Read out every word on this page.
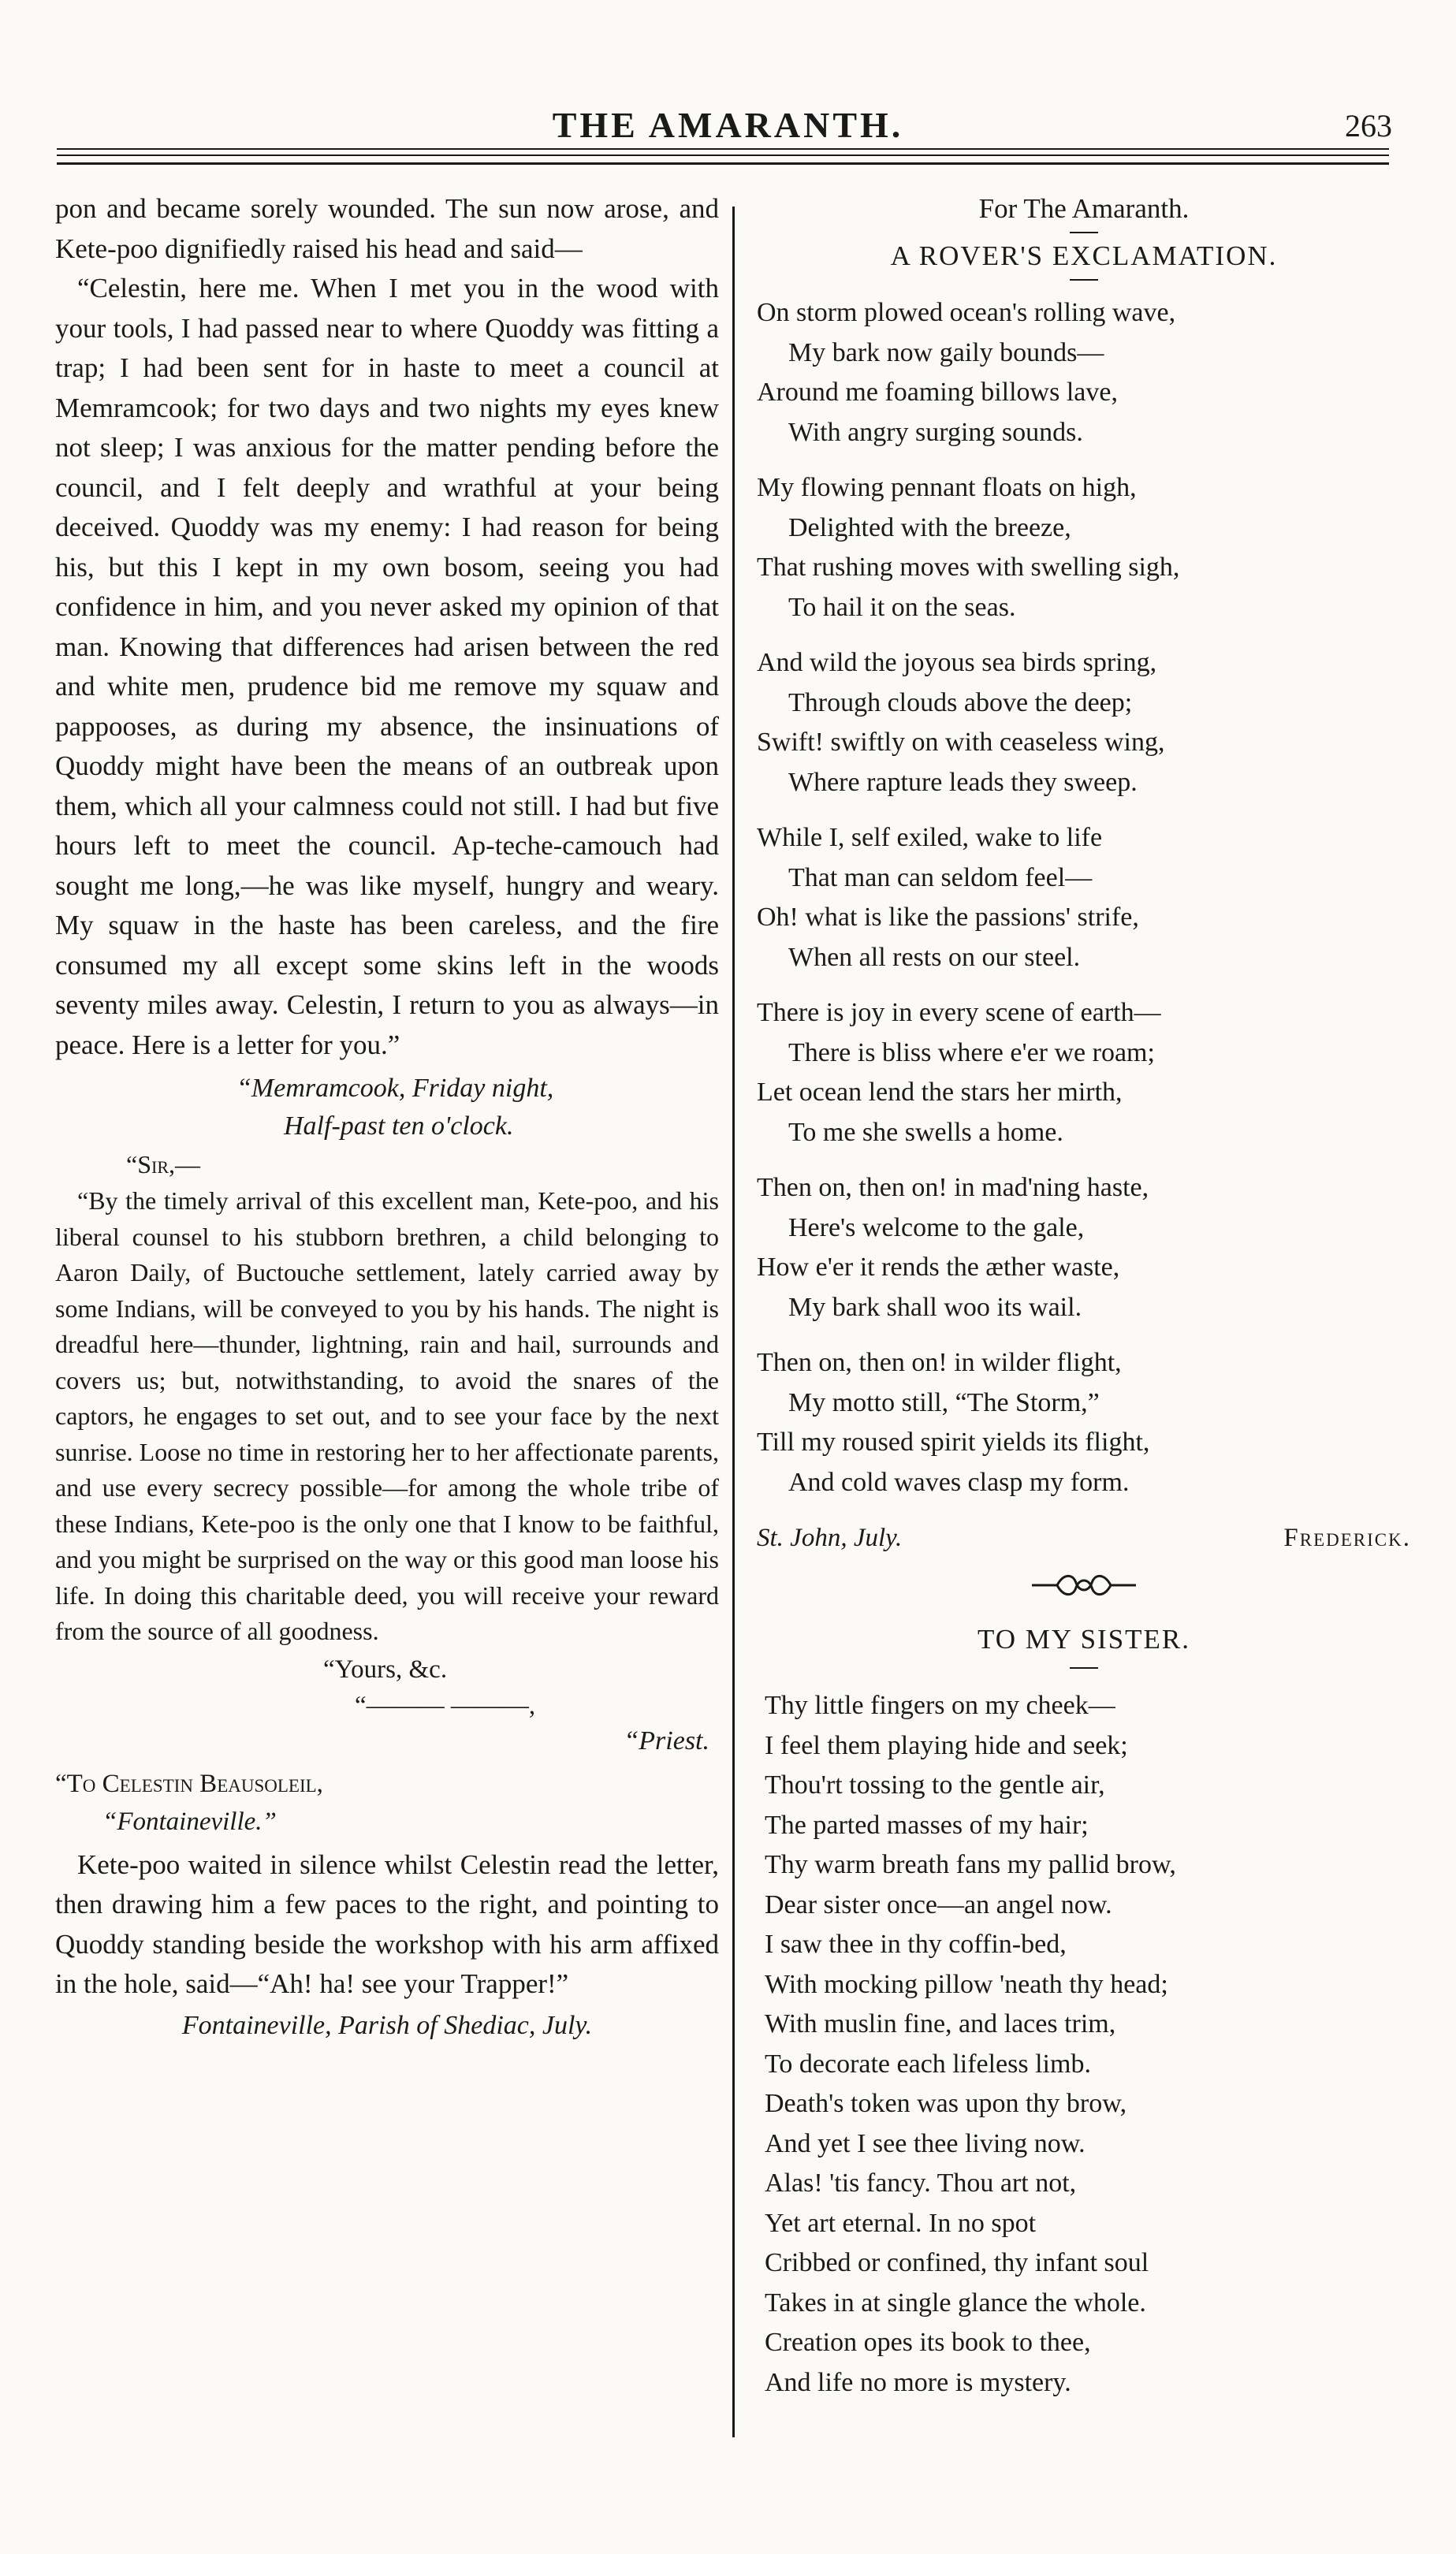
THE AMARANTH.	263

pon and became sorely wounded. The sun now arose, and Kete-poo dignifiedly raised his head and said—

“Celestin, here me. When I met you in the wood with your tools, I had passed near to where Quoddy was fitting a trap; I had been sent for in haste to meet a council at Memramcook; for two days and two nights my eyes knew not sleep; I was anxious for the matter pending before the council, and I felt deeply and wrathful at your being deceived. Quoddy was my enemy: I had reason for being his, but this I kept in my own bosom, seeing you had confidence in him, and you never asked my opinion of that man. Knowing that differences had arisen between the red and white men, prudence bid me remove my squaw and pappooses, as during my absence, the insinuations of Quoddy might have been the means of an outbreak upon them, which all your calmness could not still. I had but five hours left to meet the council. Ap-teche-camouch had sought me long,—he was like myself, hungry and weary. My squaw in the haste has been careless, and the fire consumed my all except some skins left in the woods seventy miles away. Celestin, I return to you as always—in peace. Here is a letter for you.”

“Memramcook, Friday night,
Half-past ten o'clock.
“Sir,—

“By the timely arrival of this excellent man, Kete-poo, and his liberal counsel to his stubborn brethren, a child belonging to Aaron Daily, of Buctouche settlement, lately carried away by some Indians, will be conveyed to you by his hands. The night is dreadful here—thunder, lightning, rain and hail, surrounds and covers us; but, notwithstanding, to avoid the snares of the captors, he engages to set out, and to see your face by the next sunrise. Loose no time in restoring her to her affectionate parents, and use every secrecy possible—for among the whole tribe of these Indians, Kete-poo is the only one that I know to be faithful, and you might be surprised on the way or this good man loose his life. In doing this charitable deed, you will receive your reward from the source of all goodness.

“Yours, &c.
“——— ———,
“Priest.
“To Celestin Beausoleil,
“Fontaineville.”

Kete-poo waited in silence whilst Celestin read the letter, then drawing him a few paces to the right, and pointing to Quoddy standing beside the workshop with his arm affixed in the hole, said—“Ah! ha! see your Trapper!”

Fontaineville, Parish of Shediac, July.
For The Amaranth.
A ROVER'S EXCLAMATION.
On storm plowed ocean's rolling wave,
My bark now gaily bounds—
Around me foaming billows lave,
With angry surging sounds.
My flowing pennant floats on high,
Delighted with the breeze,
That rushing moves with swelling sigh,
To hail it on the seas.
And wild the joyous sea birds spring,
Through clouds above the deep;
Swift! swiftly on with ceaseless wing,
Where rapture leads they sweep.
While I, self exiled, wake to life
That man can seldom feel—
Oh! what is like the passions' strife,
When all rests on our steel.
There is joy in every scene of earth—
There is bliss where e'er we roam;
Let ocean lend the stars her mirth,
To me she swells a home.
Then on, then on! in mad'ning haste,
Here's welcome to the gale,
How e'er it rends the æther waste,
My bark shall woo its wail.
Then on, then on! in wilder flight,
My motto still, “The Storm,”
Till my roused spirit yields its flight,
And cold waves clasp my form.
St. John, July.	Frederick.
TO MY SISTER.
Thy little fingers on my cheek—
I feel them playing hide and seek;
Thou'rt tossing to the gentle air,
The parted masses of my hair;
Thy warm breath fans my pallid brow,
Dear sister once—an angel now.
I saw thee in thy coffin-bed,
With mocking pillow 'neath thy head;
With muslin fine, and laces trim,
To decorate each lifeless limb.
Death's token was upon thy brow,
And yet I see thee living now.
Alas! 'tis fancy. Thou art not,
Yet art eternal. In no spot
Cribbed or confined, thy infant soul
Takes in at single glance the whole.
Creation opes its book to thee,
And life no more is mystery.
